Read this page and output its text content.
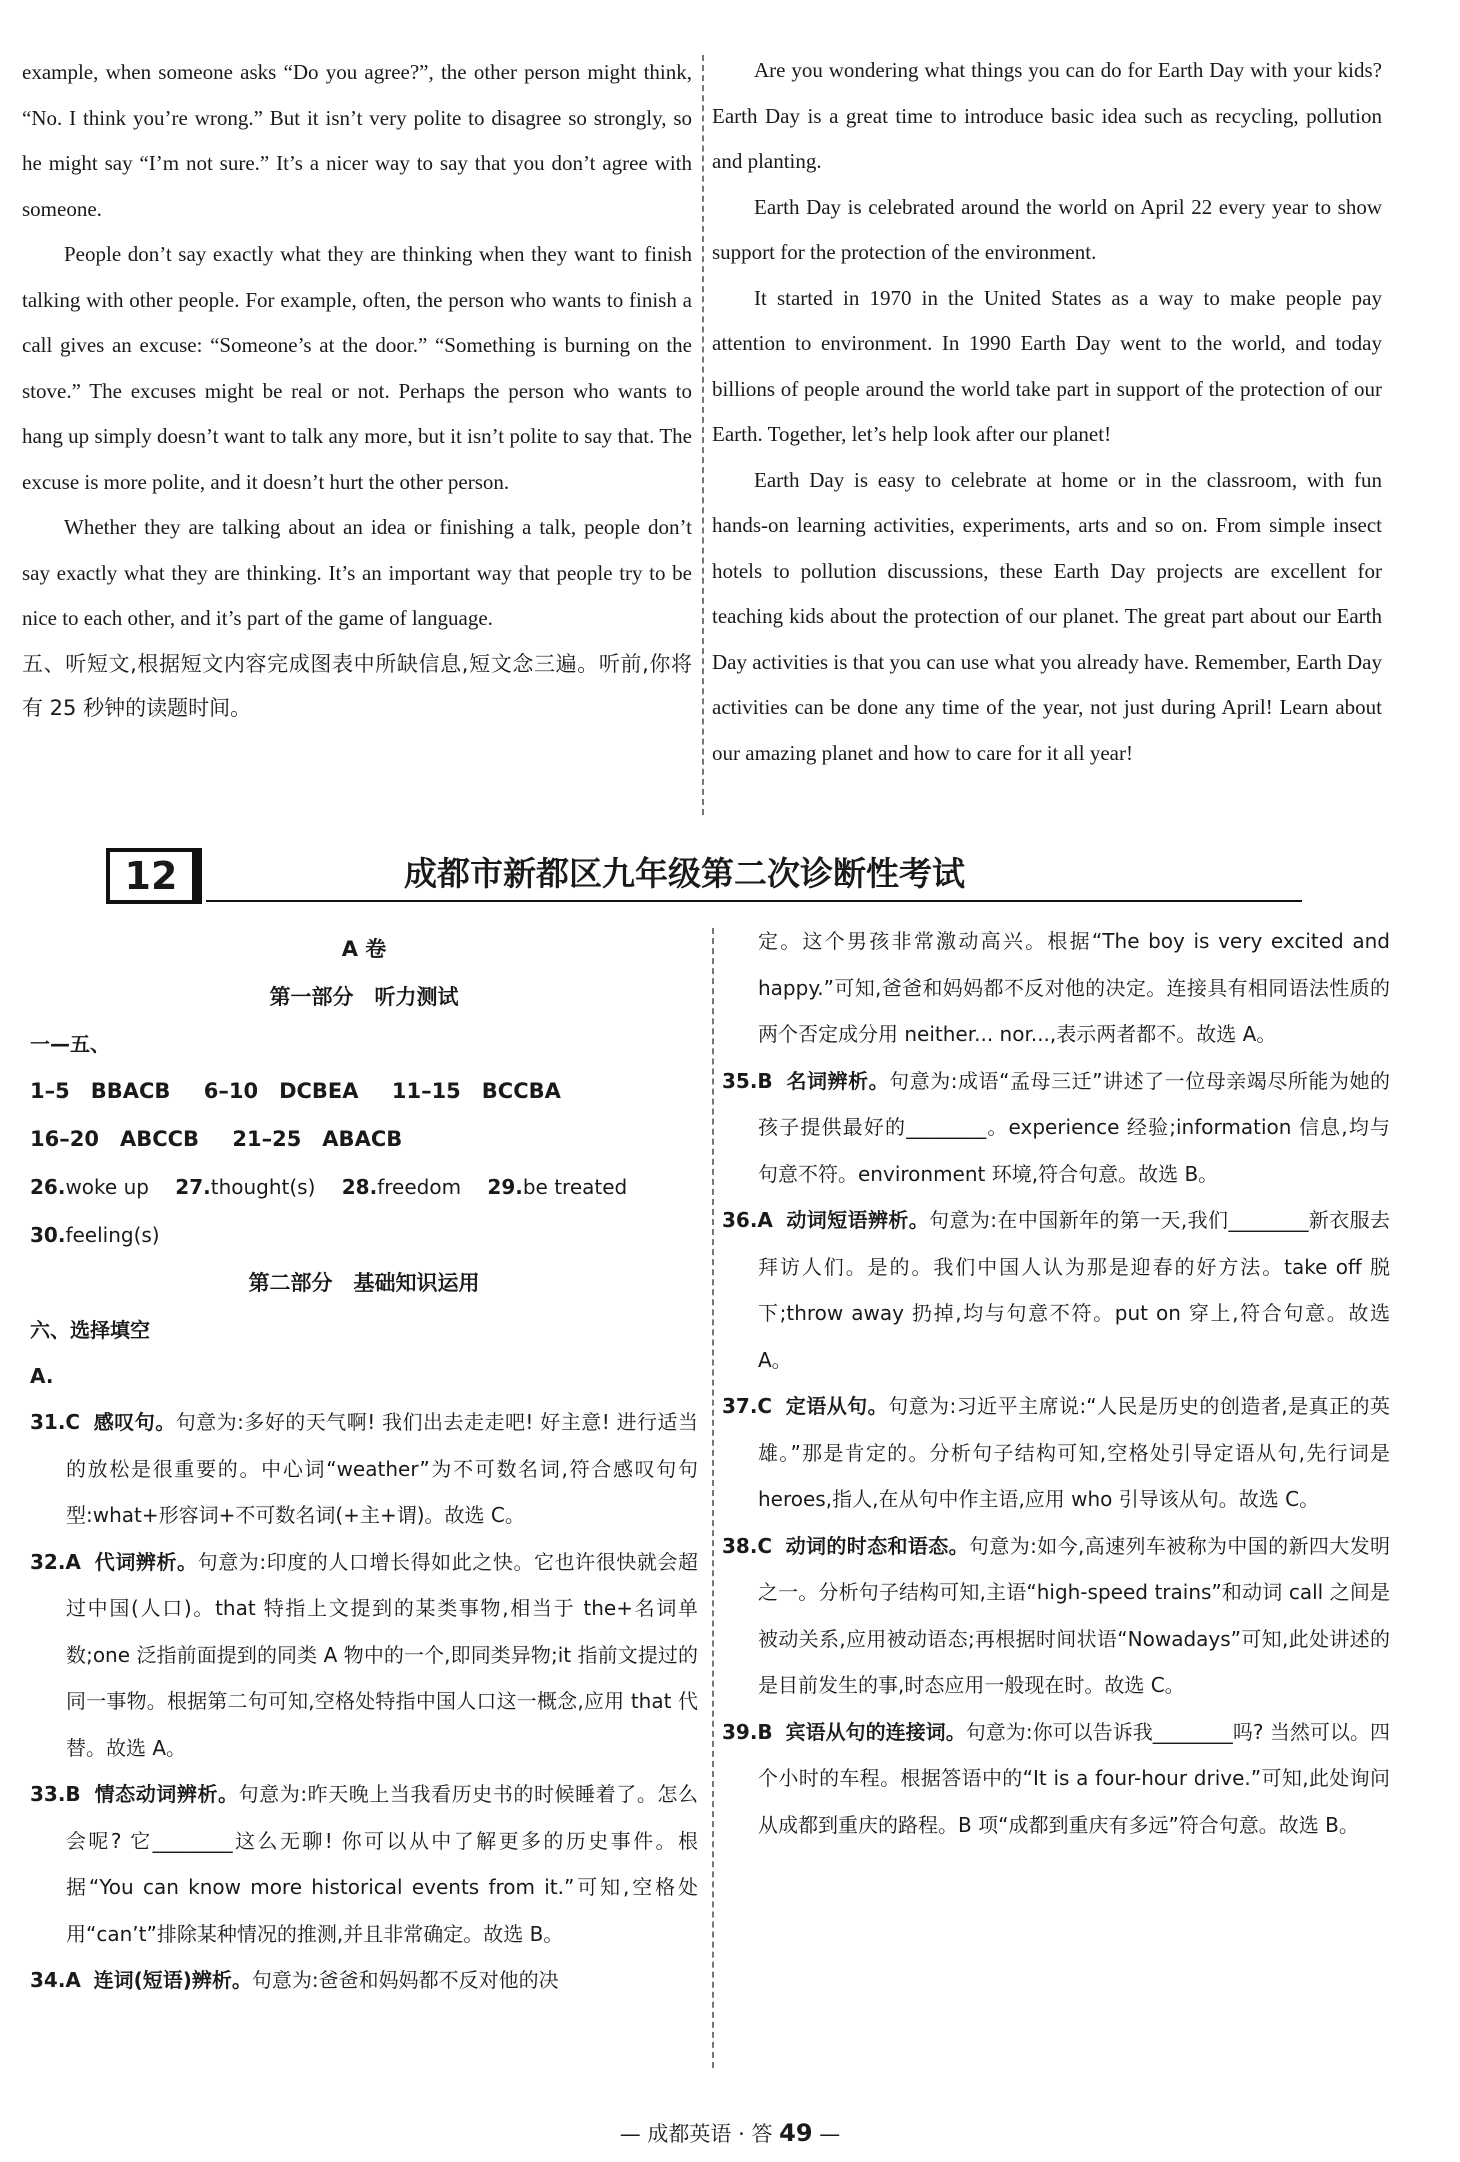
example, when someone asks “Do you agree?”, the other person might think, “No. I think you’re wrong.” But it isn’t very polite to disagree so strongly, so he might say “I’m not sure.” It’s a nicer way to say that you don’t agree with someone.

People don’t say exactly what they are thinking when they want to finish talking with other people. For example, often, the person who wants to finish a call gives an excuse: “Someone’s at the door.” “Something is burning on the stove.” The excuses might be real or not. Perhaps the person who wants to hang up simply doesn’t want to talk any more, but it isn’t polite to say that. The excuse is more polite, and it doesn’t hurt the other person.

Whether they are talking about an idea or finishing a talk, people don’t say exactly what they are thinking. It’s an important way that people try to be nice to each other, and it’s part of the game of language.

五、听短文,根据短文内容完成图表中所缺信息,短文念三遍。听前,你将有 25 秒钟的读题时间。

Are you wondering what things you can do for Earth Day with your kids? Earth Day is a great time to introduce basic idea such as recycling, pollution and planting.

Earth Day is celebrated around the world on April 22 every year to show support for the protection of the environment.

It started in 1970 in the United States as a way to make people pay attention to environment. In 1990 Earth Day went to the world, and today billions of people around the world take part in support of the protection of our Earth. Together, let’s help look after our planet!

Earth Day is easy to celebrate at home or in the classroom, with fun hands-on learning activities, experiments, arts and so on. From simple insect hotels to pollution discussions, these Earth Day projects are excellent for teaching kids about the protection of our planet. The great part about our Earth Day activities is that you can use what you already have. Remember, Earth Day activities can be done any time of the year, not just during April! Learn about our amazing planet and how to care for it all year!

12	成都市新都区九年级第二次诊断性考试
A 卷
第一部分　听力测试
一—五、
1–5　BBACB 6–10　DCBEA 11–15　BCCBA
16–20　ABCCB 21–25　ABACB
26.woke up 27.thought(s) 28.freedom 29.be treated
30.feeling(s)
第二部分　基础知识运用
六、选择填空
A.
31.C 感叹句。句意为:多好的天气啊! 我们出去走走吧! 好主意! 进行适当的放松是很重要的。中心词“weather”为不可数名词,符合感叹句句型:what+形容词+不可数名词(+主+谓)。故选 C。
32.A 代词辨析。句意为:印度的人口增长得如此之快。它也许很快就会超过中国(人口)。that 特指上文提到的某类事物,相当于 the+名词单数;one 泛指前面提到的同类 A 物中的一个,即同类异物;it 指前文提过的同一事物。根据第二句可知,空格处特指中国人口这一概念,应用 that 代替。故选 A。
33.B 情态动词辨析。句意为:昨天晚上当我看历史书的时候睡着了。怎么会呢? 它________这么无聊! 你可以从中了解更多的历史事件。根据“You can know more historical events from it.”可知,空格处用“can’t”排除某种情况的推测,并且非常确定。故选 B。
34.A 连词(短语)辨析。句意为:爸爸和妈妈都不反对他的决
定。这个男孩非常激动高兴。根据“The boy is very excited and happy.”可知,爸爸和妈妈都不反对他的决定。连接具有相同语法性质的两个否定成分用 neither... nor...,表示两者都不。故选 A。
35.B 名词辨析。句意为:成语“孟母三迁”讲述了一位母亲竭尽所能为她的孩子提供最好的________。experience 经验;information 信息,均与句意不符。environment 环境,符合句意。故选 B。
36.A 动词短语辨析。句意为:在中国新年的第一天,我们________新衣服去拜访人们。是的。我们中国人认为那是迎春的好方法。take off 脱下;throw away 扔掉,均与句意不符。put on 穿上,符合句意。故选 A。
37.C 定语从句。句意为:习近平主席说:“人民是历史的创造者,是真正的英雄。”那是肯定的。分析句子结构可知,空格处引导定语从句,先行词是 heroes,指人,在从句中作主语,应用 who 引导该从句。故选 C。
38.C 动词的时态和语态。句意为:如今,高速列车被称为中国的新四大发明之一。分析句子结构可知,主语“high-speed trains”和动词 call 之间是被动关系,应用被动语态;再根据时间状语“Nowadays”可知,此处讲述的是目前发生的事,时态应用一般现在时。故选 C。
39.B 宾语从句的连接词。句意为:你可以告诉我________吗? 当然可以。四个小时的车程。根据答语中的“It is a four-hour drive.”可知,此处询问从成都到重庆的路程。B 项“成都到重庆有多远”符合句意。故选 B。
— 成都英语 · 答 49 —
